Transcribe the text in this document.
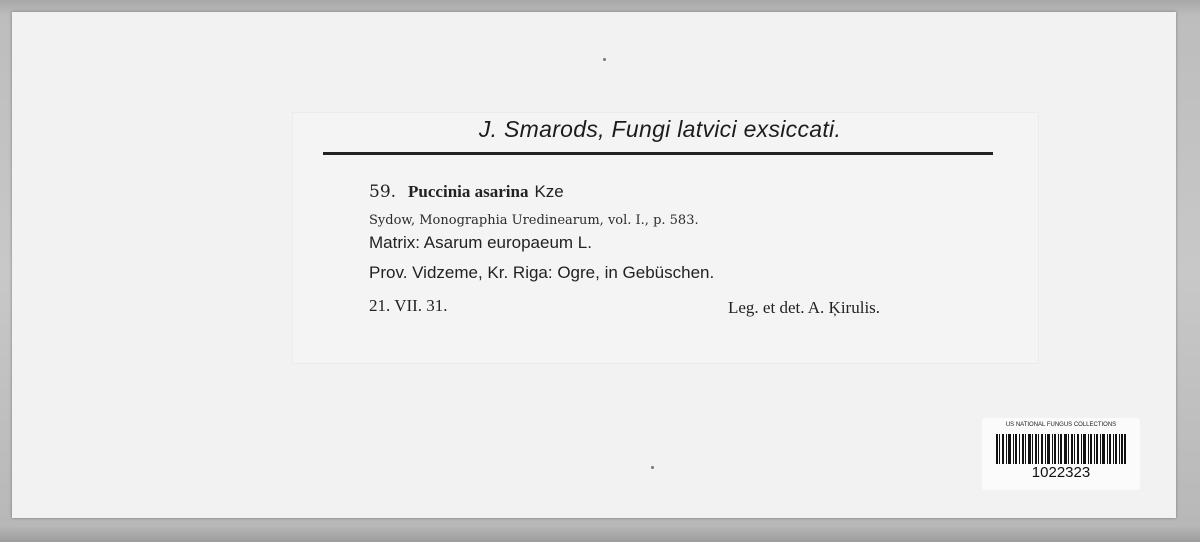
J. Smarods, Fungi latvici exsiccati.
59. Puccinia asarina Kze
Sydow, Monographia Uredinearum, vol. I., p. 583.
Matrix: Asarum europaeum L.
Prov. Vidzeme, Kr. Riga: Ogre, in Gebüschen.
21. VII. 31.	Leg. et det. A. Ķirulis.
US NATIONAL FUNGUS COLLECTIONS
1022323
